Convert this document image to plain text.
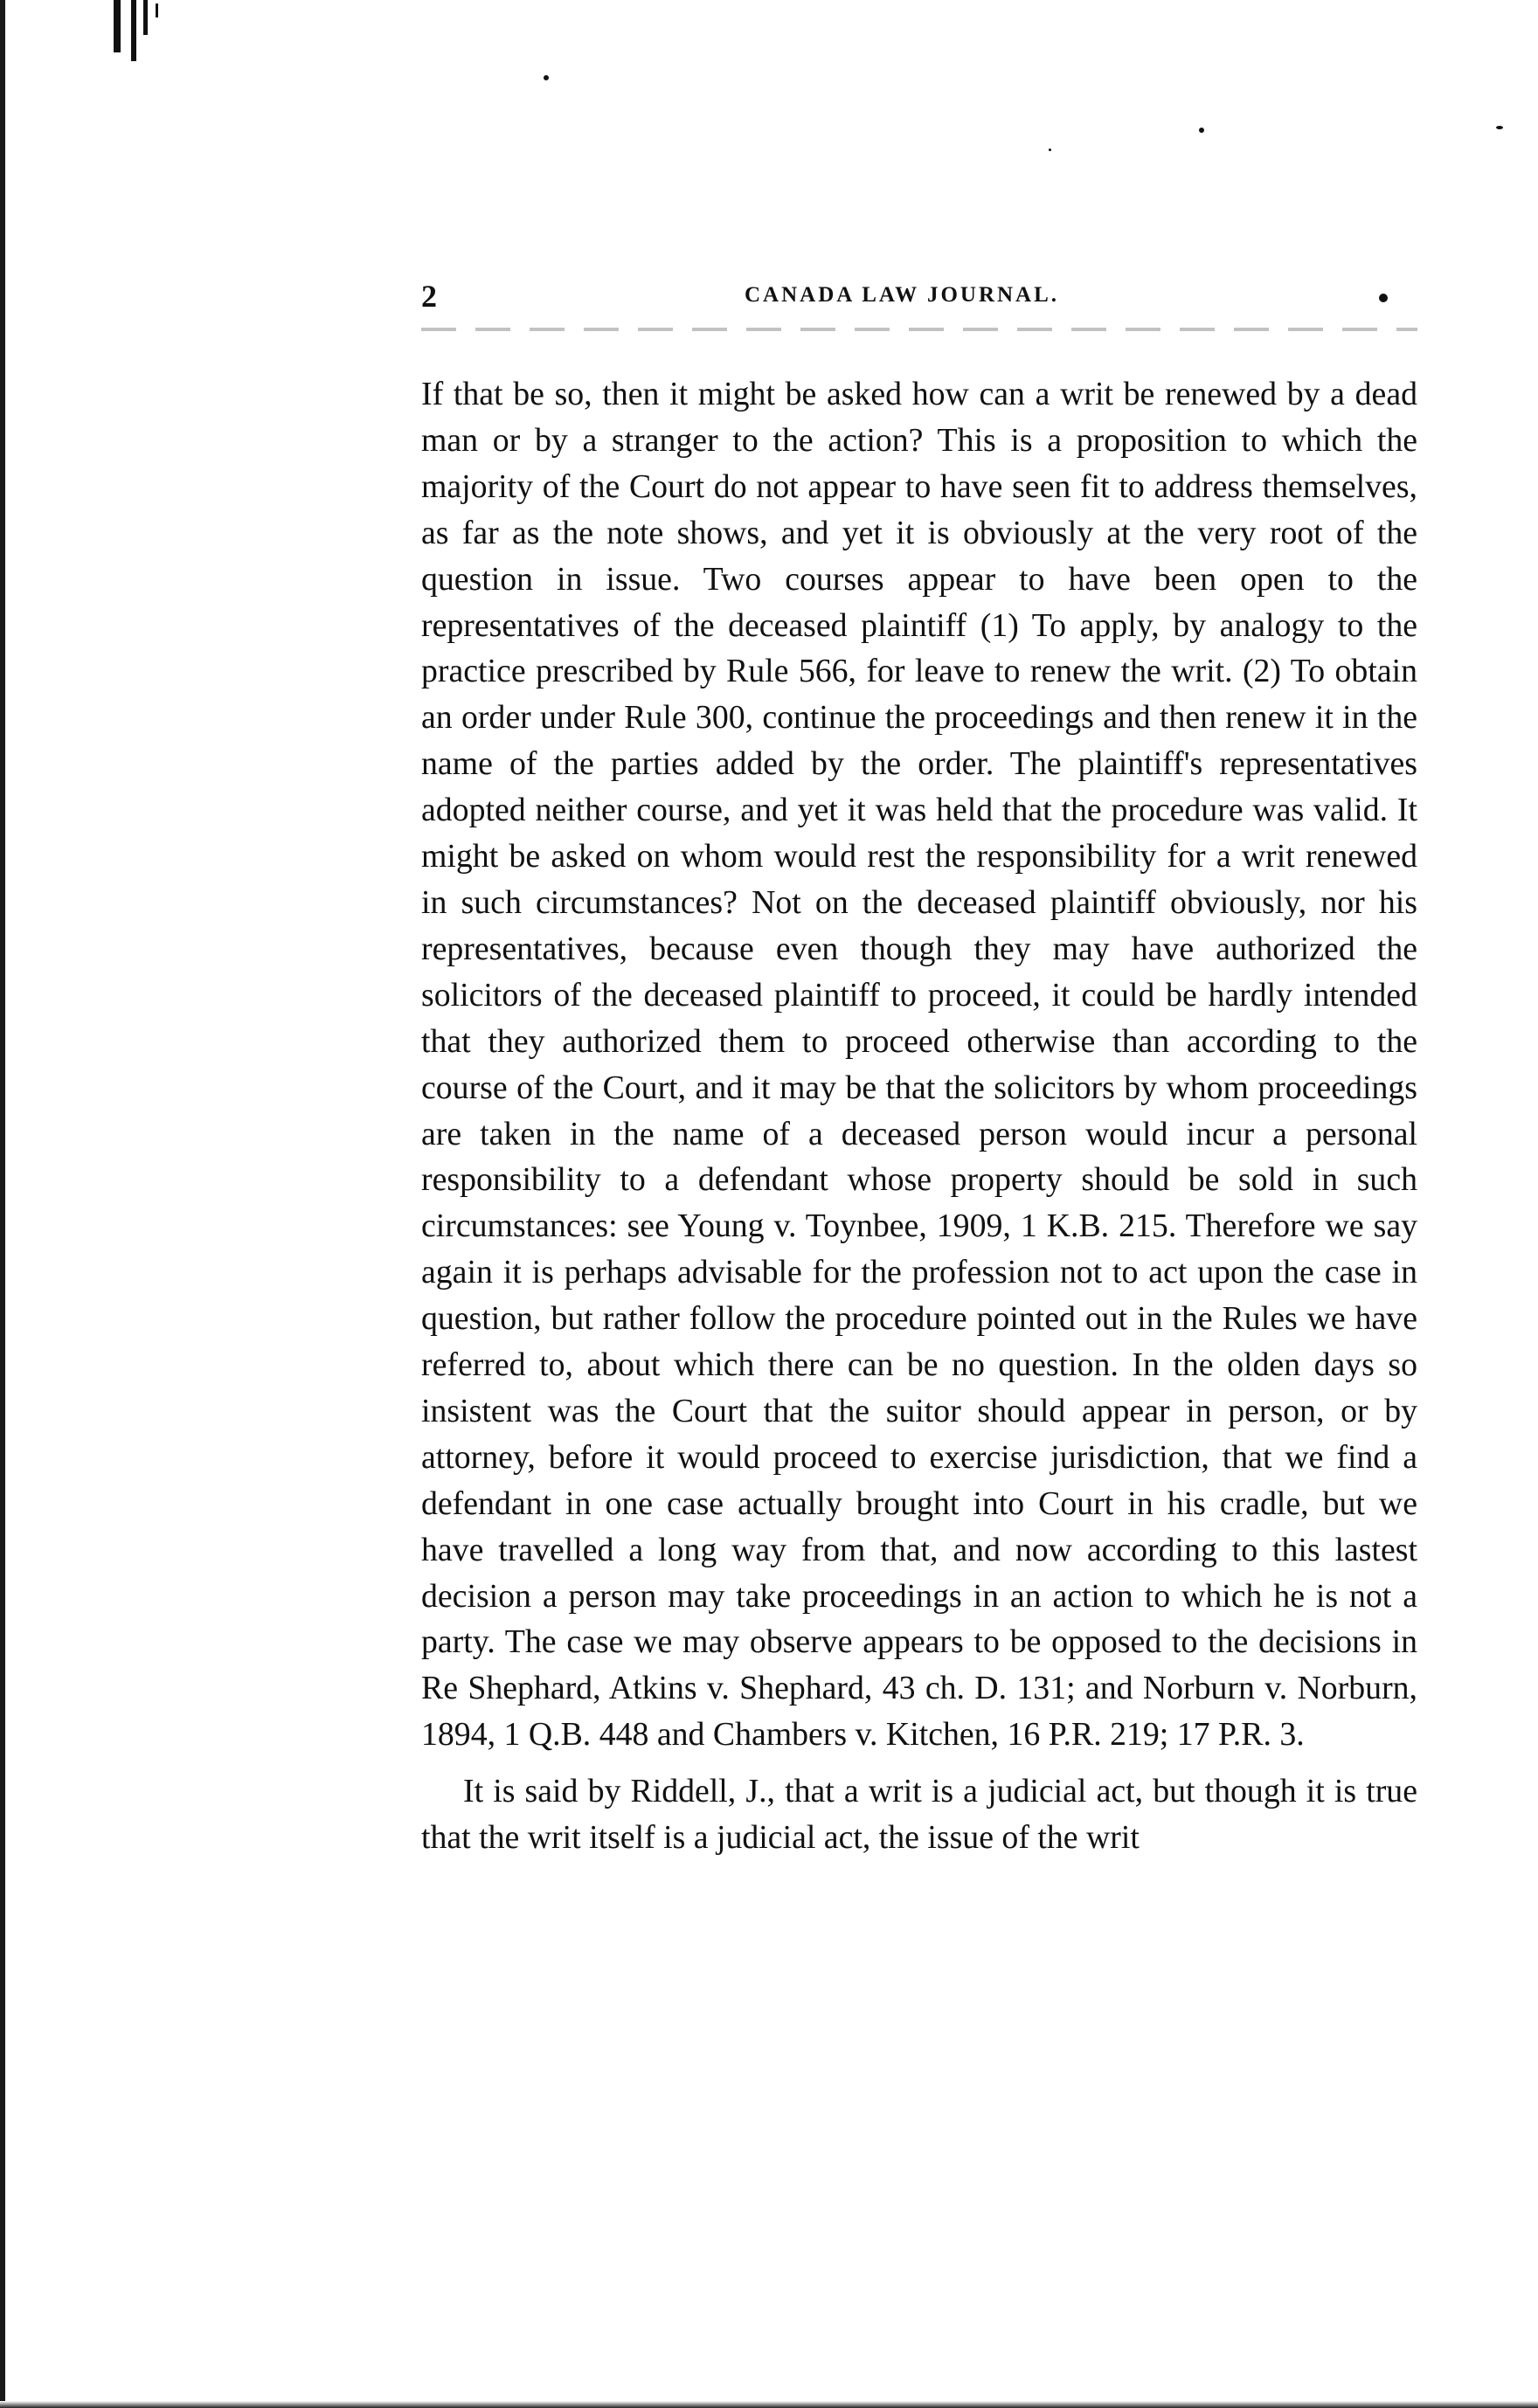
2	CANADA LAW JOURNAL.

If that be so, then it might be asked how can a writ be renewed by a dead man or by a stranger to the action? This is a proposition to which the majority of the Court do not appear to have seen fit to address themselves, as far as the note shows, and yet it is obviously at the very root of the question in issue. Two courses appear to have been open to the representatives of the deceased plaintiff (1) To apply, by analogy to the practice prescribed by Rule 566, for leave to renew the writ. (2) To obtain an order under Rule 300, continue the proceedings and then renew it in the name of the parties added by the order. The plaintiff's representatives adopted neither course, and yet it was held that the procedure was valid. It might be asked on whom would rest the responsibility for a writ renewed in such circumstances? Not on the deceased plaintiff obviously, nor his representatives, because even though they may have authorized the solicitors of the deceased plaintiff to proceed, it could be hardly intended that they authorized them to proceed otherwise than according to the course of the Court, and it may be that the solicitors by whom proceedings are taken in the name of a deceased person would incur a personal responsibility to a defendant whose property should be sold in such circumstances: see Young v. Toynbee, 1909, 1 K.B. 215. Therefore we say again it is perhaps advisable for the profession not to act upon the case in question, but rather follow the procedure pointed out in the Rules we have referred to, about which there can be no question. In the olden days so insistent was the Court that the suitor should appear in person, or by attorney, before it would proceed to exercise jurisdiction, that we find a defendant in one case actually brought into Court in his cradle, but we have travelled a long way from that, and now according to this lastest decision a person may take proceedings in an action to which he is not a party. The case we may observe appears to be opposed to the decisions in Re Shephard, Atkins v. Shephard, 43 ch. D. 131; and Norburn v. Norburn, 1894, 1 Q.B. 448 and Chambers v. Kitchen, 16 P.R. 219; 17 P.R. 3.

It is said by Riddell, J., that a writ is a judicial act, but though it is true that the writ itself is a judicial act, the issue of the writ
